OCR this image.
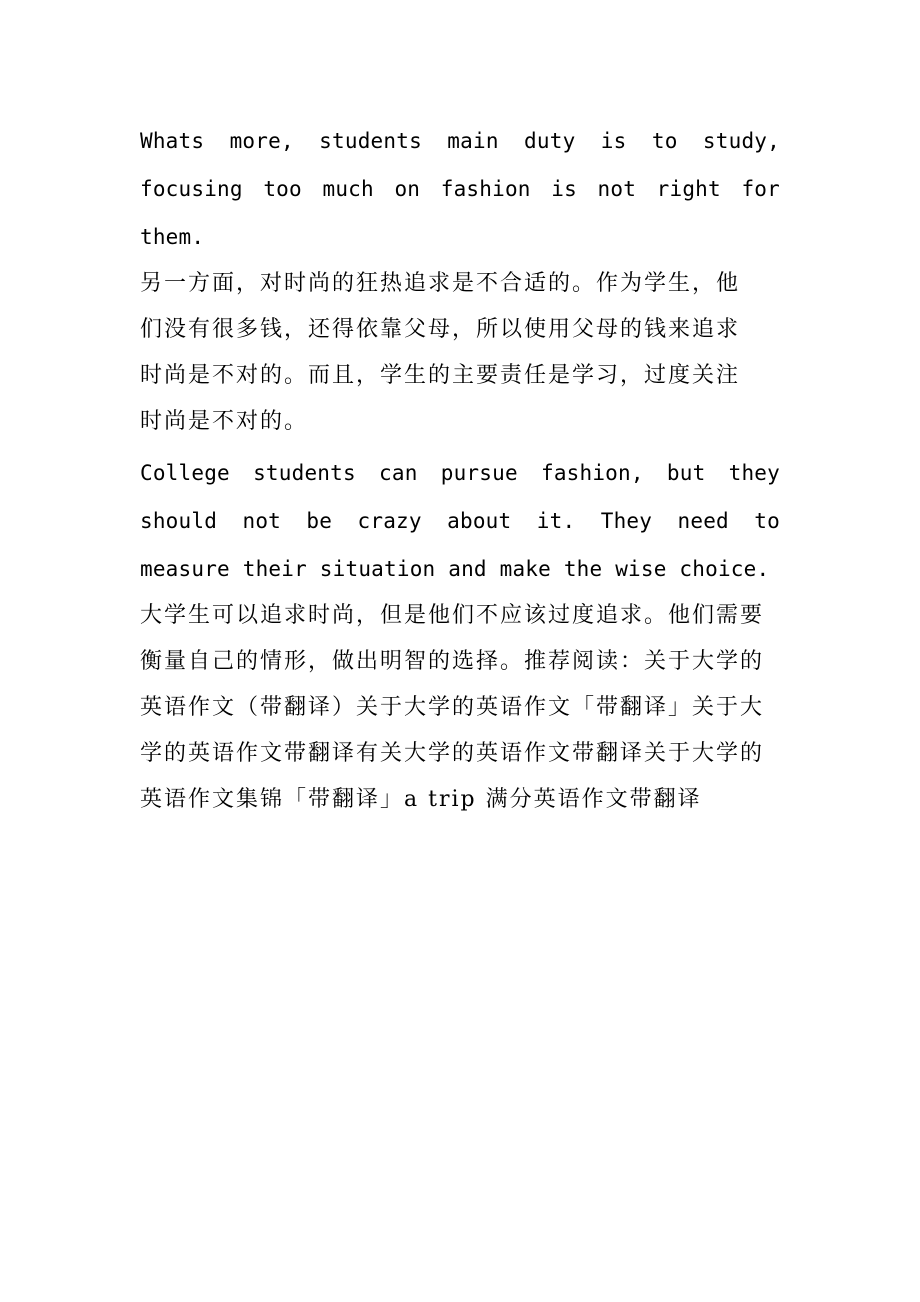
Whats more, students main duty is to study, focusing too much on fashion is not right for them.

另一方面，对时尚的狂热追求是不合适的。作为学生，他们没有很多钱，还得依靠父母，所以使用父母的钱来追求时尚是不对的。而且，学生的主要责任是学习，过度关注时尚是不对的。

College students can pursue fashion, but they should not be crazy about it. They need to measure their situation and make the wise choice.

大学生可以追求时尚，但是他们不应该过度追求。他们需要衡量自己的情形，做出明智的选择。推荐阅读：关于大学的英语作文（带翻译）关于大学的英语作文「带翻译」关于大学的英语作文带翻译有关大学的英语作文带翻译关于大学的英语作文集锦「带翻译」a trip 满分英语作文带翻译
